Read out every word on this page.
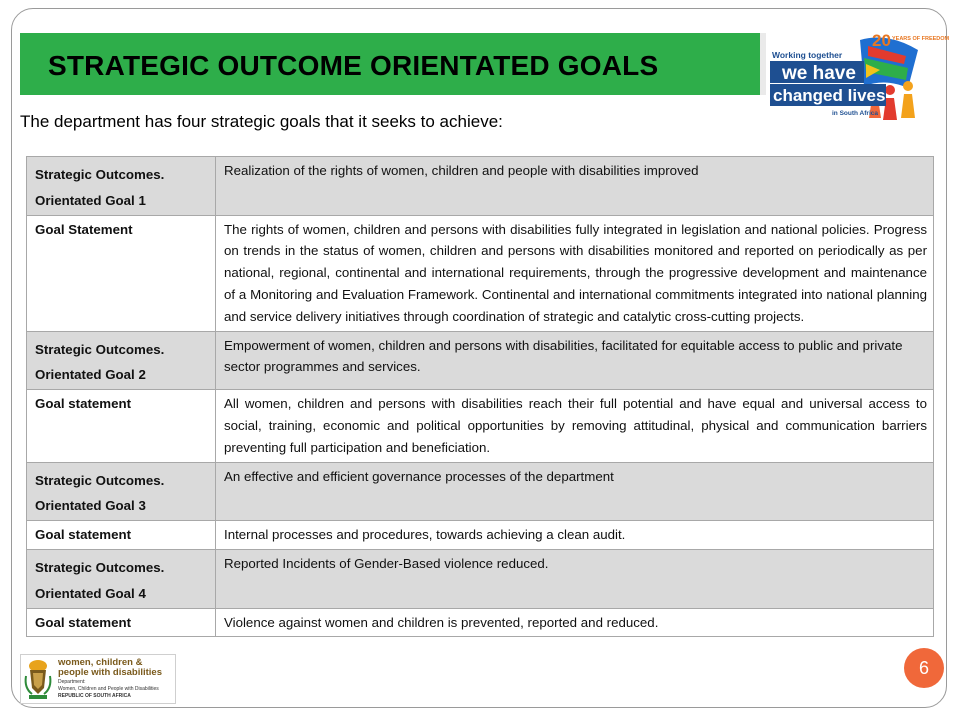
STRATEGIC OUTCOME ORIENTATED GOALS
20 YEARS OF FREEDOM
Working together
we have
changed lives
in South Africa
The department has four strategic goals that it seeks to achieve:
Strategic Outcomes.
Orientated Goal 1	Realization of the rights of women, children and people with disabilities improved
Goal Statement	The rights of women, children and persons with disabilities fully integrated in legislation and national policies. Progress on trends in the status of women, children and persons with disabilities monitored and reported on periodically as per national, regional, continental and international requirements, through the progressive development and maintenance of a Monitoring and Evaluation Framework. Continental and international commitments integrated into national planning and service delivery initiatives through coordination of strategic and catalytic cross-cutting projects.

Strategic Outcomes.
Orientated Goal 2	Empowerment of women, children and persons with disabilities, facilitated for equitable access to public and private sector programmes and services.
Goal statement	All women, children and persons with disabilities reach their full potential and have equal and universal access to social, training, economic and political opportunities by removing attitudinal, physical and communication barriers preventing full participation and beneficiation.

Strategic Outcomes.
Orientated Goal 3	An effective and efficient governance processes of the department
Goal statement	Internal processes and procedures, towards achieving a clean audit.

Strategic Outcomes.
Orientated Goal 4	Reported Incidents of Gender-Based violence reduced.
Goal statement	Violence against women and children is prevented, reported and reduced.
women, children &
people with disabilities
Department:
Women, Children and People with Disabilities
REPUBLIC OF SOUTH AFRICA
6
